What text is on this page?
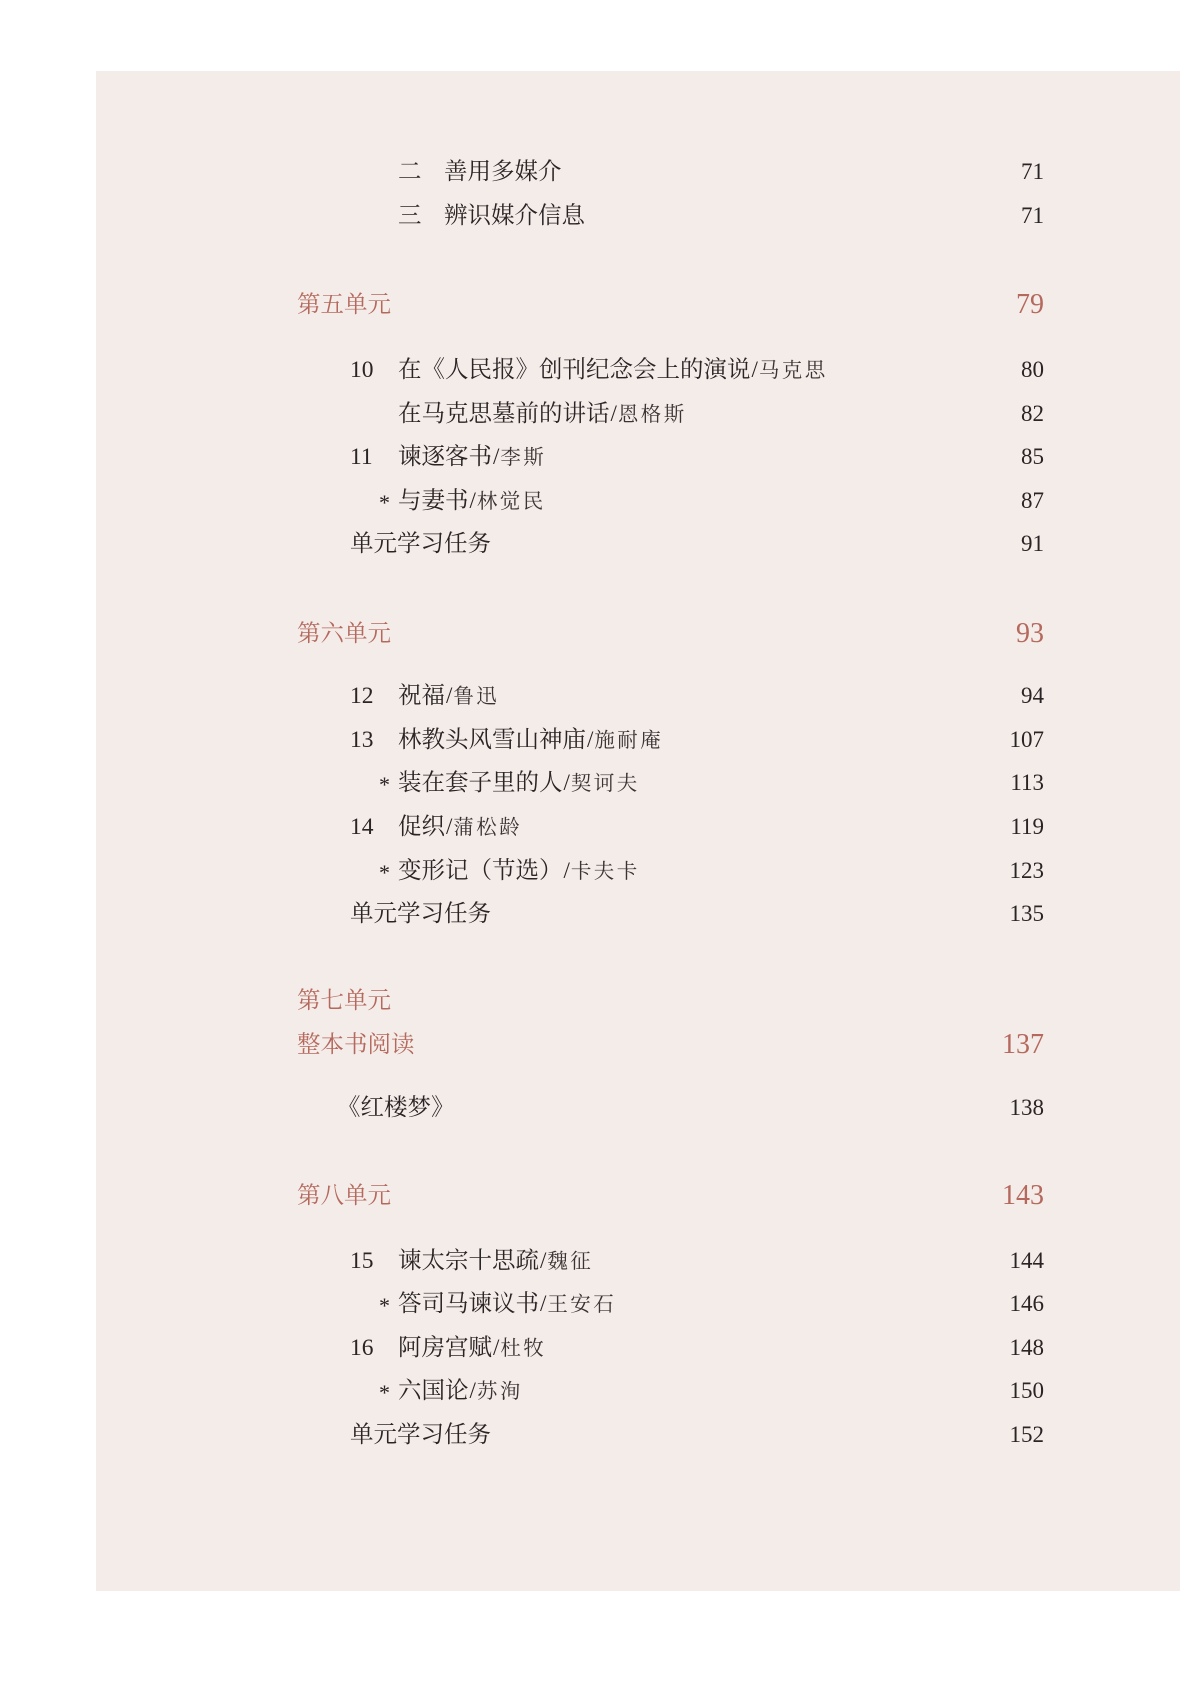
二 善用多媒介	71
三 辨识媒介信息	71
第五单元	79
10 在《人民报》创刊纪念会上的演说/马克思	80
在马克思墓前的讲话/恩格斯	82
11 谏逐客书/李斯	85
* 与妻书/林觉民	87
单元学习任务	91
第六单元	93
12 祝福/鲁迅	94
13 林教头风雪山神庙/施耐庵	107
* 装在套子里的人/契诃夫	113
14 促织/蒲松龄	119
* 变形记（节选）/卡夫卡	123
单元学习任务	135
第七单元
整本书阅读	137
《红楼梦》	138
第八单元	143
15 谏太宗十思疏/魏征	144
* 答司马谏议书/王安石	146
16 阿房宫赋/杜牧	148
* 六国论/苏洵	150
单元学习任务	152
